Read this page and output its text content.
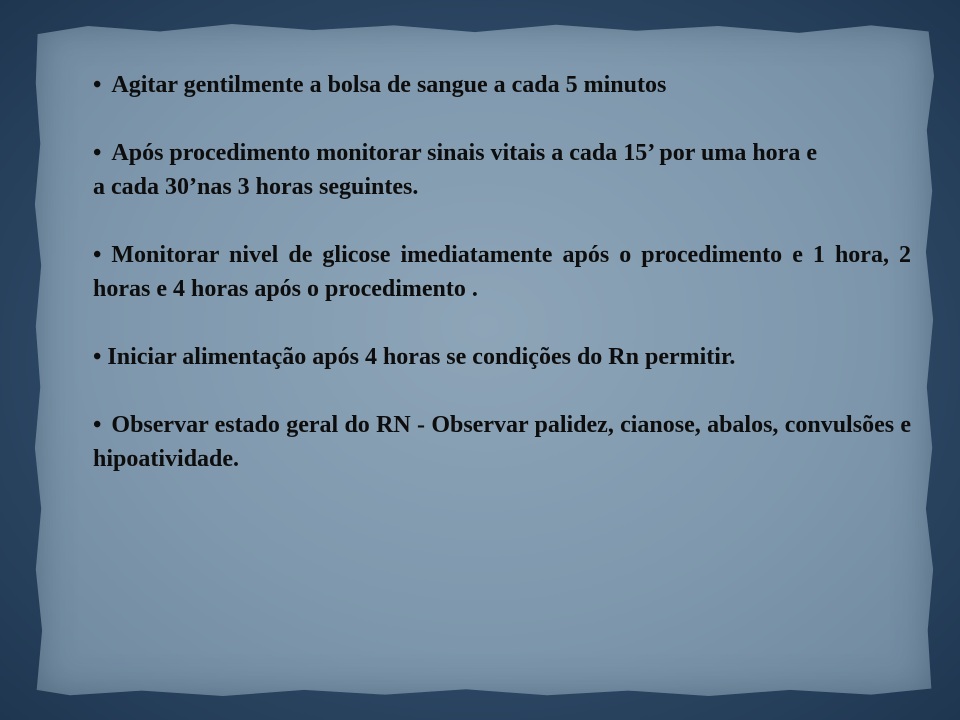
• Agitar gentilmente a bolsa de sangue a cada 5 minutos
• Após procedimento monitorar sinais vitais a cada 15’ por uma hora e
a cada 30’nas 3 horas seguintes.
• Monitorar nivel de glicose imediatamente após o procedimento e 1 hora, 2 horas e 4 horas após o procedimento .
• Iniciar alimentação após 4 horas se condições do Rn permitir.
• Observar estado geral do RN - Observar palidez, cianose, abalos, convulsões e hipoatividade.
